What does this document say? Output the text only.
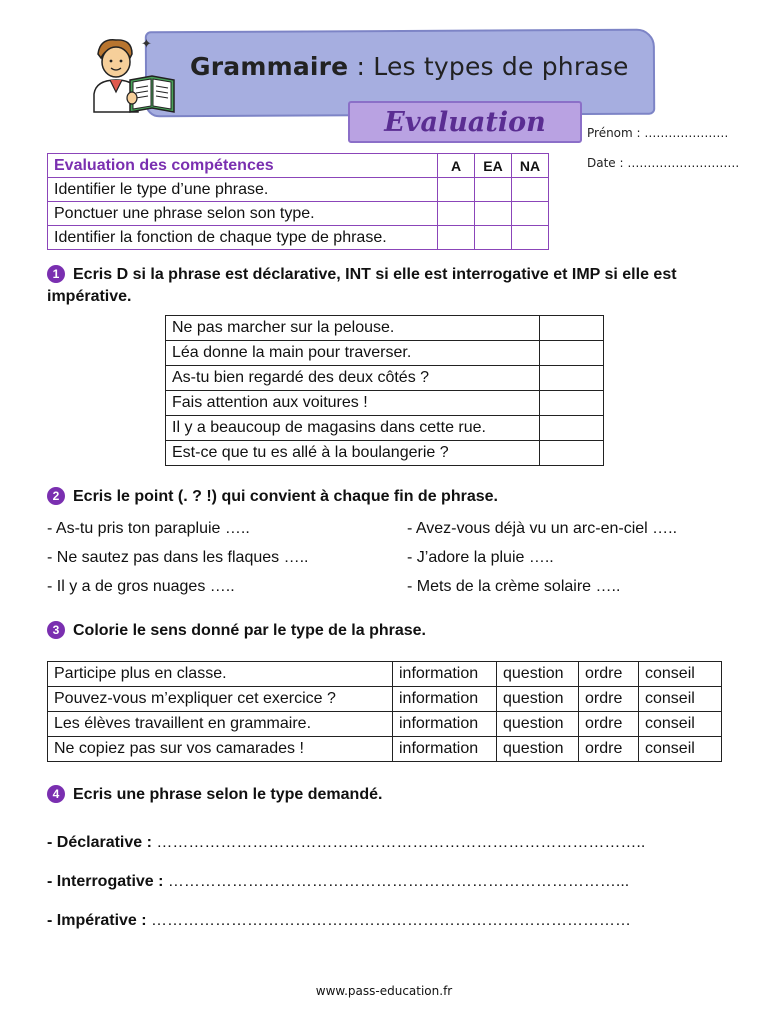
✦
Grammaire : Les types de phrase
Evaluation	Prénom : …………………
Date : ……………………….
Evaluation des compétences	A	EA	NA
Identifier le type d’une phrase.			
Ponctuer une phrase selon son type.			
Identifier la fonction de chaque type de phrase.			
1 Ecris D si la phrase est déclarative, INT si elle est interrogative et IMP si elle est impérative.
Ne pas marcher sur la pelouse.	
Léa donne la main pour traverser.	
As-tu bien regardé des deux côtés ?	
Fais attention aux voitures !	
Il y a beaucoup de magasins dans cette rue.	
Est-ce que tu es allé à la boulangerie ?	
2 Ecris le point (. ? !) qui convient à chaque fin de phrase.
- As-tu pris ton parapluie …..
- Ne sautez pas dans les flaques …..
- Il y a de gros nuages …..
- Avez-vous déjà vu un arc-en-ciel …..
- J’adore la pluie …..
- Mets de la crème solaire …..
3 Colorie le sens donné par le type de la phrase.
Participe plus en classe.	information	question	ordre	conseil
Pouvez-vous m’expliquer cet exercice ?	information	question	ordre	conseil
Les élèves travaillent en grammaire.	information	question	ordre	conseil
Ne copiez pas sur vos camarades !	information	question	ordre	conseil
4 Ecris une phrase selon le type demandé.
- Déclarative : ………………………………………………………………………………..
- Interrogative : …………………………………………………………………………...
- Impérative : ………………………………………………………………………………
www.pass-education.fr
